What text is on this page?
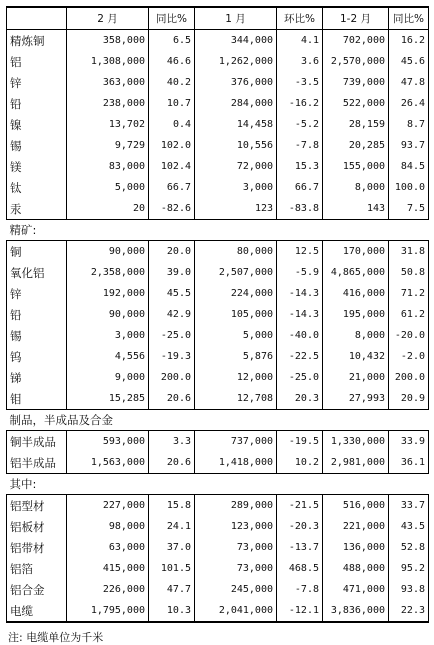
	2 月	同比%	1 月	环比%	1-2 月	同比%
精炼铜	358,000	6.5	344,000	4.1	702,000	16.2
铝	1,308,000	46.6	1,262,000	3.6	2,570,000	45.6
锌	363,000	40.2	376,000	-3.5	739,000	47.8
铅	238,000	10.7	284,000	-16.2	522,000	26.4
镍	13,702	0.4	14,458	-5.2	28,159	8.7
锡	9,729	102.0	10,556	-7.8	20,285	93.7
镁	83,000	102.4	72,000	15.3	155,000	84.5
钛	5,000	66.7	3,000	66.7	8,000	100.0
汞	20	-82.6	123	-83.8	143	7.5
精矿:						
铜	90,000	20.0	80,000	12.5	170,000	31.8
氧化铝	2,358,000	39.0	2,507,000	-5.9	4,865,000	50.8
锌	192,000	45.5	224,000	-14.3	416,000	71.2
铅	90,000	42.9	105,000	-14.3	195,000	61.2
锡	3,000	-25.0	5,000	-40.0	8,000	-20.0
钨	4,556	-19.3	5,876	-22.5	10,432	-2.0
锑	9,000	200.0	12,000	-25.0	21,000	200.0
钼	15,285	20.6	12,708	20.3	27,993	20.9
制品，半成品及合金						
铜半成品	593,000	3.3	737,000	-19.5	1,330,000	33.9
铝半成品	1,563,000	20.6	1,418,000	10.2	2,981,000	36.1
其中:						
铝型材	227,000	15.8	289,000	-21.5	516,000	33.7
铝板材	98,000	24.1	123,000	-20.3	221,000	43.5
铝带材	63,000	37.0	73,000	-13.7	136,000	52.8
铝箔	415,000	101.5	73,000	468.5	488,000	95.2
铝合金	226,000	47.7	245,000	-7.8	471,000	93.8
电缆	1,795,000	10.3	2,041,000	-12.1	3,836,000	22.3
注: 电缆单位为千米
